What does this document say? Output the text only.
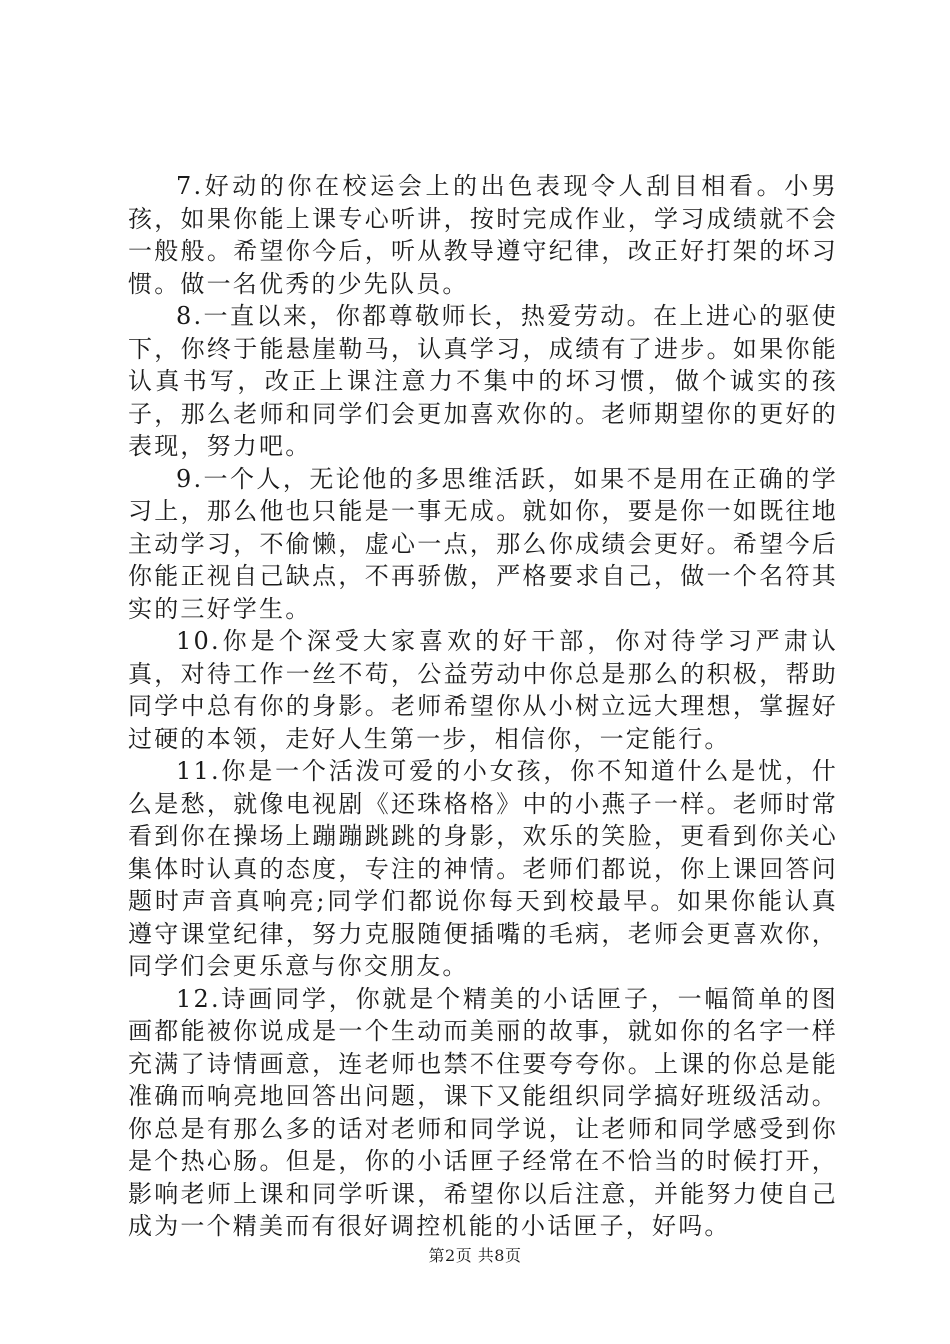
7.好动的你在校运会上的出色表现令人刮目相看。小男孩，如果你能上课专心听讲，按时完成作业，学习成绩就不会一般般。希望你今后，听从教导遵守纪律，改正好打架的坏习惯。做一名优秀的少先队员。

8.一直以来，你都尊敬师长，热爱劳动。在上进心的驱使下，你终于能悬崖勒马，认真学习，成绩有了进步。如果你能认真书写，改正上课注意力不集中的坏习惯，做个诚实的孩子，那么老师和同学们会更加喜欢你的。老师期望你的更好的表现，努力吧。

9.一个人，无论他的多思维活跃，如果不是用在正确的学习上，那么他也只能是一事无成。就如你，要是你一如既往地主动学习，不偷懒，虚心一点，那么你成绩会更好。希望今后你能正视自己缺点，不再骄傲，严格要求自己，做一个名符其实的三好学生。

10.你是个深受大家喜欢的好干部，你对待学习严肃认真，对待工作一丝不苟，公益劳动中你总是那么的积极，帮助同学中总有你的身影。老师希望你从小树立远大理想，掌握好过硬的本领，走好人生第一步，相信你，一定能行。

11.你是一个活泼可爱的小女孩，你不知道什么是忧，什么是愁，就像电视剧《还珠格格》中的小燕子一样。老师时常看到你在操场上蹦蹦跳跳的身影，欢乐的笑脸，更看到你关心集体时认真的态度，专注的神情。老师们都说，你上课回答问题时声音真响亮;同学们都说你每天到校最早。如果你能认真遵守课堂纪律，努力克服随便插嘴的毛病，老师会更喜欢你，同学们会更乐意与你交朋友。

12.诗画同学，你就是个精美的小话匣子，一幅简单的图画都能被你说成是一个生动而美丽的故事，就如你的名字一样充满了诗情画意，连老师也禁不住要夸夸你。上课的你总是能准确而响亮地回答出问题，课下又能组织同学搞好班级活动。你总是有那么多的话对老师和同学说，让老师和同学感受到你是个热心肠。但是，你的小话匣子经常在不恰当的时候打开，影响老师上课和同学听课，希望你以后注意，并能努力使自己成为一个精美而有很好调控机能的小话匣子，好吗。

第2页 共8页
